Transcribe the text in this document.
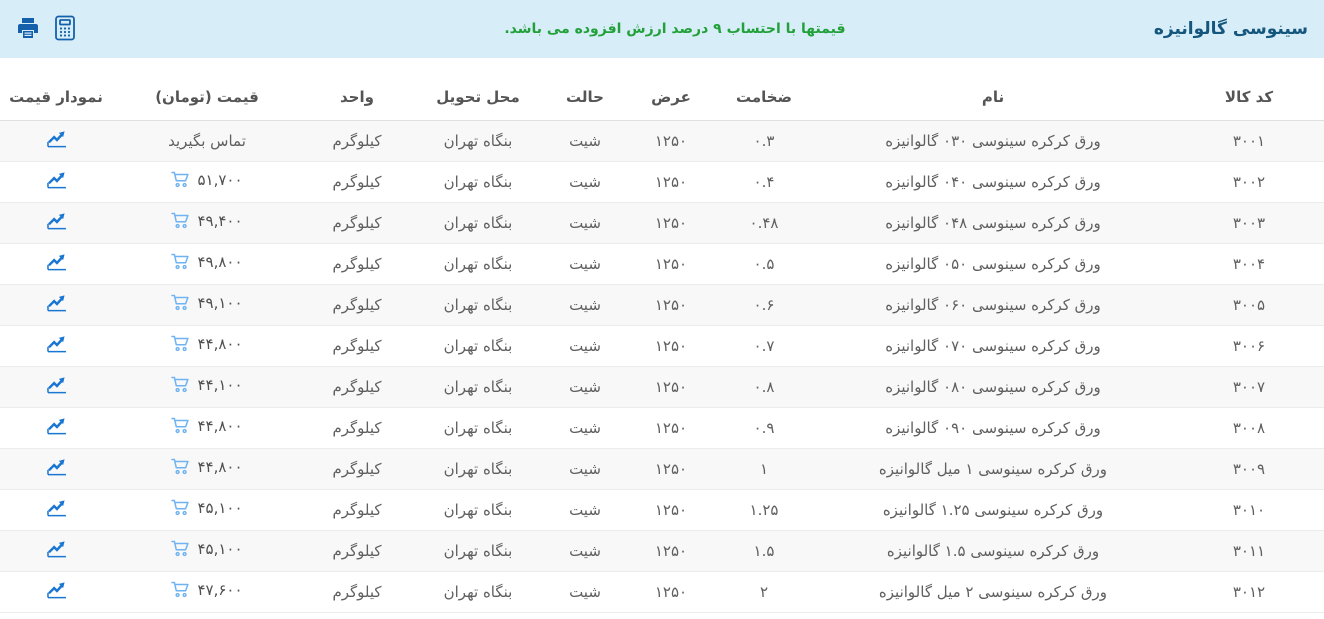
سینوسی گالوانیزه
قیمتها با احتساب ۹ درصد ارزش افزوده می باشد.
کد کالا	نام	ضخامت	عرض	حالت	محل تحویل	واحد	قیمت (تومان)	نمودار قیمت
۳۰۰۱	ورق کرکره سینوسی ۰۳۰ گالوانیزه	۰.۳	۱۲۵۰	شیت	بنگاه تهران	کیلوگرم	تماس بگیرید	

۳۰۰۲	ورق کرکره سینوسی ۰۴۰ گالوانیزه	۰.۴	۱۲۵۰	شیت	بنگاه تهران	کیلوگرم	۵۱,۷۰۰

۳۰۰۳	ورق کرکره سینوسی ۰۴۸ گالوانیزه	۰.۴۸	۱۲۵۰	شیت	بنگاه تهران	کیلوگرم	۴۹,۴۰۰

۳۰۰۴	ورق کرکره سینوسی ۰۵۰ گالوانیزه	۰.۵	۱۲۵۰	شیت	بنگاه تهران	کیلوگرم	۴۹,۸۰۰

۳۰۰۵	ورق کرکره سینوسی ۰۶۰ گالوانیزه	۰.۶	۱۲۵۰	شیت	بنگاه تهران	کیلوگرم	۴۹,۱۰۰

۳۰۰۶	ورق کرکره سینوسی ۰۷۰ گالوانیزه	۰.۷	۱۲۵۰	شیت	بنگاه تهران	کیلوگرم	۴۴,۸۰۰

۳۰۰۷	ورق کرکره سینوسی ۰۸۰ گالوانیزه	۰.۸	۱۲۵۰	شیت	بنگاه تهران	کیلوگرم	۴۴,۱۰۰

۳۰۰۸	ورق کرکره سینوسی ۰۹۰ گالوانیزه	۰.۹	۱۲۵۰	شیت	بنگاه تهران	کیلوگرم	۴۴,۸۰۰

۳۰۰۹	ورق کرکره سینوسی ۱ میل گالوانیزه	۱	۱۲۵۰	شیت	بنگاه تهران	کیلوگرم	۴۴,۸۰۰

۳۰۱۰	ورق کرکره سینوسی ۱.۲۵ گالوانیزه	۱.۲۵	۱۲۵۰	شیت	بنگاه تهران	کیلوگرم	۴۵,۱۰۰

۳۰۱۱	ورق کرکره سینوسی ۱.۵ گالوانیزه	۱.۵	۱۲۵۰	شیت	بنگاه تهران	کیلوگرم	۴۵,۱۰۰

۳۰۱۲	ورق کرکره سینوسی ۲ میل گالوانیزه	۲	۱۲۵۰	شیت	بنگاه تهران	کیلوگرم	۴۷,۶۰۰
